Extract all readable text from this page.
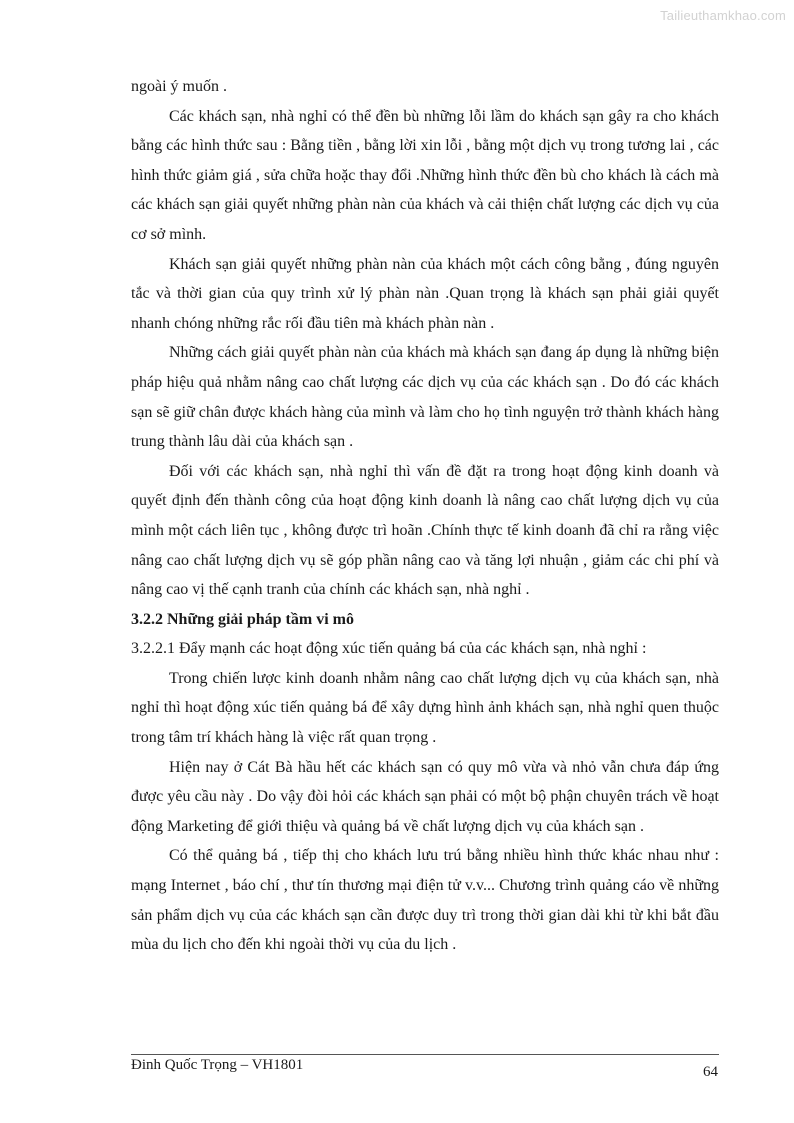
Tailieuthamkhao.com

ngoài ý muốn .

Các khách sạn, nhà nghỉ có thể đền bù những lỗi lầm do khách sạn gây ra cho khách bằng các hình thức sau : Bằng tiền , bằng lời xin lỗi , bằng một dịch vụ trong tương lai , các hình thức giảm giá , sửa chữa hoặc thay đổi .Những hình thức đền bù cho khách là cách mà các khách sạn giải quyết những phàn nàn của khách và cải thiện chất lượng các dịch vụ của cơ sở mình.

Khách sạn giải quyết những phàn nàn của khách một cách công bằng , đúng nguyên tắc và thời gian của quy trình xử lý phàn nàn .Quan trọng là khách sạn phải giải quyết nhanh chóng những rắc rối đầu tiên mà khách phàn nàn .

Những cách giải quyết phàn nàn của khách mà khách sạn đang áp dụng là những biện pháp hiệu quả nhằm nâng cao chất lượng các dịch vụ của các khách sạn . Do đó các khách sạn sẽ giữ chân được khách hàng của mình và làm cho họ tình nguyện trở thành khách hàng trung thành lâu dài của khách sạn .

Đối với các khách sạn, nhà nghỉ thì vấn đề đặt ra trong hoạt động kinh doanh và quyết định đến thành công của hoạt động kinh doanh là nâng cao chất lượng dịch vụ của mình một cách liên tục , không được trì hoãn .Chính thực tế kinh doanh đã chỉ ra rằng việc nâng cao chất lượng dịch vụ sẽ góp phần nâng cao và tăng lợi nhuận , giảm các chi phí và nâng cao vị thế cạnh tranh của chính các khách sạn, nhà nghỉ .

3.2.2 Những giải pháp tầm vi mô

3.2.2.1 Đẩy mạnh các hoạt động xúc tiến quảng bá của các khách sạn, nhà nghỉ :

Trong chiến lược kinh doanh nhằm nâng cao chất lượng dịch vụ của khách sạn, nhà nghỉ thì hoạt động xúc tiến quảng bá để xây dựng hình ảnh khách sạn, nhà nghỉ quen thuộc trong tâm trí khách hàng là việc rất quan trọng .

Hiện nay ở Cát Bà hầu hết các khách sạn có quy mô vừa và nhỏ vẫn chưa đáp ứng được yêu cầu này . Do vậy đòi hỏi các khách sạn phải có một bộ phận chuyên trách về hoạt động Marketing để giới thiệu và quảng bá về chất lượng dịch vụ của khách sạn .

Có thể quảng bá , tiếp thị cho khách lưu trú bằng nhiều hình thức khác nhau như : mạng Internet , báo chí , thư tín thương mại điện tử v.v... Chương trình quảng cáo về những sản phẩm dịch vụ của các khách sạn cần được duy trì trong thời gian dài khi từ khi bắt đầu mùa du lịch cho đến khi ngoài thời vụ của du lịch .

Đinh Quốc Trọng – VH1801	64
